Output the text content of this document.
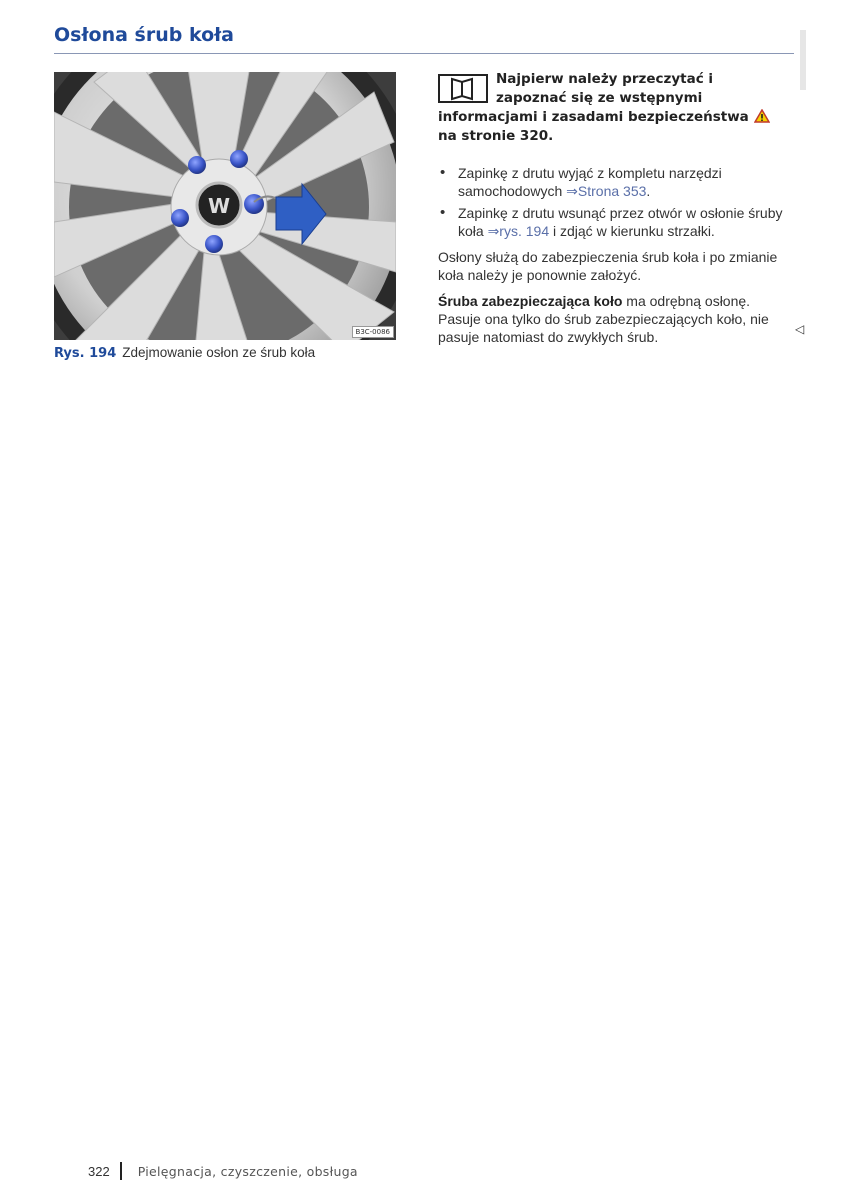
Osłona śrub koła
W
B3C-0086
Rys. 194 Zdejmowanie osłon ze śrub koła
Najpierw należy przeczytać i zapoznać się ze wstępnymi informacjami i zasadami bezpieczeństwa  na stronie 320.
• Zapinkę z drutu wyjąć z kompletu narzędzi samochodowych ⇒Strona 353.
• Zapinkę z drutu wsunąć przez otwór w osłonie śruby koła ⇒rys. 194 i zdjąć w kierunku strzałki.

Osłony służą do zabezpieczenia śrub koła i po zmianie koła należy je ponownie założyć.

Śruba zabezpieczająca koło ma odrębną osłonę. Pasuje ona tylko do śrub zabezpieczających koło, nie pasuje natomiast do zwykłych śrub.	◁
322 Pielęgnacja, czyszczenie, obsługa
